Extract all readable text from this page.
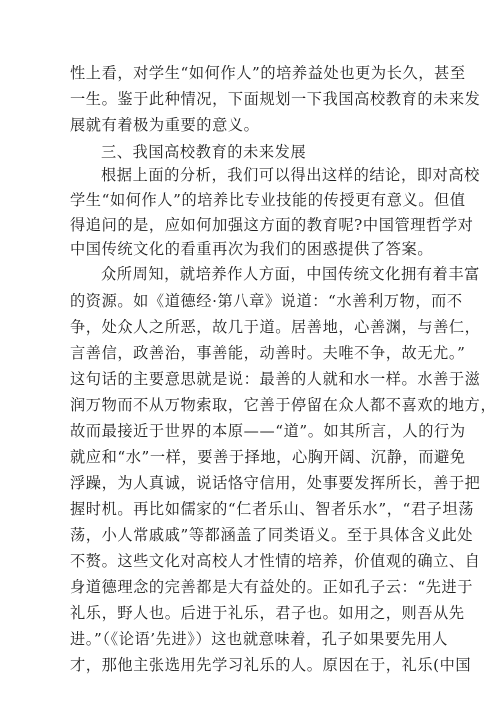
性上看，对学生“如何作人”的培养益处也更为长久，甚至
一生。鉴于此种情况，下面规划一下我国高校教育的未来发
展就有着极为重要的意义。
三、我国高校教育的未来发展
根据上面的分析，我们可以得出这样的结论，即对高校
学生“如何作人”的培养比专业技能的传授更有意义。但值
得追问的是，应如何加强这方面的教育呢?中国管理哲学对
中国传统文化的看重再次为我们的困惑提供了答案。
众所周知，就培养作人方面，中国传统文化拥有着丰富
的资源。如《道德经·第八章》说道：“水善利万物，而不
争，处众人之所恶，故几于道。居善地，心善渊，与善仁，
言善信，政善治，事善能，动善时。夫唯不争，故无尤。”
这句话的主要意思就是说：最善的人就和水一样。水善于滋
润万物而不从万物索取，它善于停留在众人都不喜欢的地方，
故而最接近于世界的本原——“道”。如其所言，人的行为
就应和“水”一样，要善于择地，心胸开阔、沉静，而避免
浮躁，为人真诚，说话恪守信用，处事要发挥所长，善于把
握时机。再比如儒家的“仁者乐山、智者乐水”，“君子坦荡
荡，小人常戚戚”等都涵盖了同类语义。至于具体含义此处
不赘。这些文化对高校人才性情的培养，价值观的确立、自
身道德理念的完善都是大有益处的。正如孔子云：“先进于
礼乐，野人也。后进于礼乐，君子也。如用之，则吾从先
进。”（《论语’先进》）这也就意味着，孔子如果要先用人
才，那他主张选用先学习礼乐的人。原因在于，礼乐(中国
